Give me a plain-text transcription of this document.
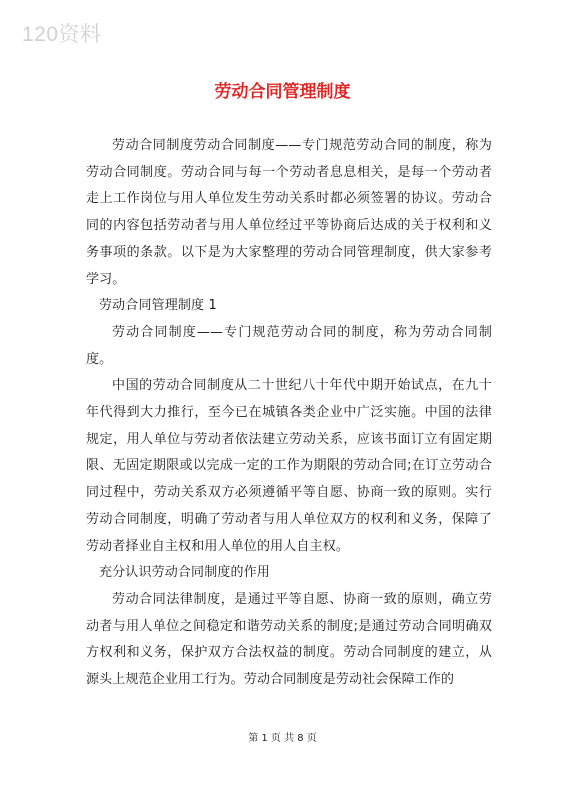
120资料
劳动合同管理制度

劳动合同制度劳动合同制度——专门规范劳动合同的制度，称为劳动合同制度。劳动合同与每一个劳动者息息相关，是每一个劳动者走上工作岗位与用人单位发生劳动关系时都必须签署的协议。劳动合同的内容包括劳动者与用人单位经过平等协商后达成的关于权利和义务事项的条款。以下是为大家整理的劳动合同管理制度，供大家参考学习。

劳动合同管理制度 1

劳动合同制度——专门规范劳动合同的制度，称为劳动合同制度。

中国的劳动合同制度从二十世纪八十年代中期开始试点，在九十年代得到大力推行，至今已在城镇各类企业中广泛实施。中国的法律规定，用人单位与劳动者依法建立劳动关系，应该书面订立有固定期限、无固定期限或以完成一定的工作为期限的劳动合同;在订立劳动合同过程中，劳动关系双方必须遵循平等自愿、协商一致的原则。实行劳动合同制度，明确了劳动者与用人单位双方的权利和义务，保障了劳动者择业自主权和用人单位的用人自主权。

充分认识劳动合同制度的作用

劳动合同法律制度，是通过平等自愿、协商一致的原则，确立劳动者与用人单位之间稳定和谐劳动关系的制度;是通过劳动合同明确双方权利和义务，保护双方合法权益的制度。劳动合同制度的建立，从源头上规范企业用工行为。劳动合同制度是劳动社会保障工作的

第 1 页 共 8 页
